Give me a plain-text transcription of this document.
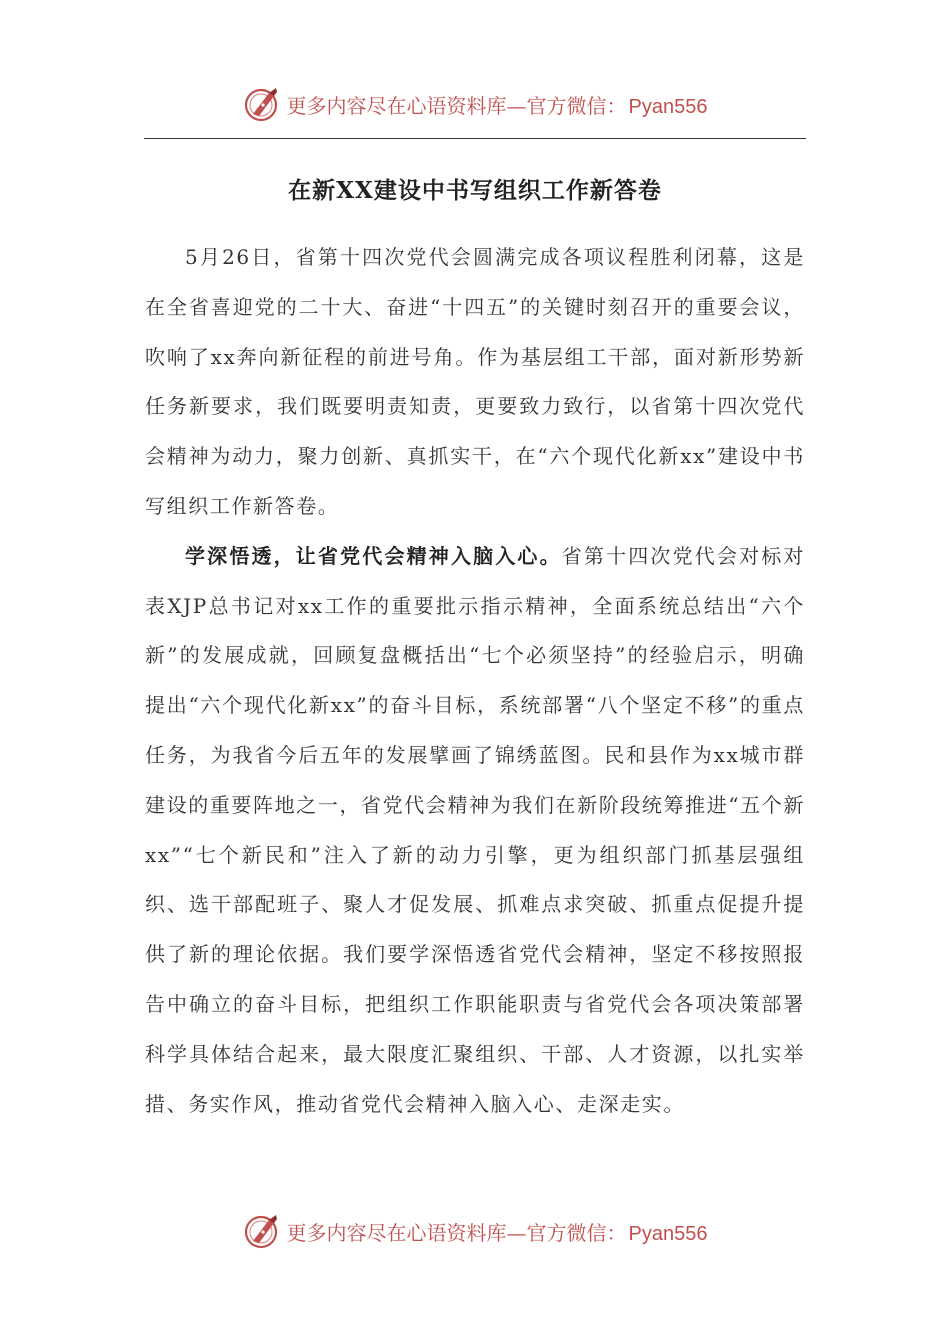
更多内容尽在心语资料库—官方微信： Pyan556
在新XX建设中书写组织工作新答卷

5月26日，省第十四次党代会圆满完成各项议程胜利闭幕，这是在全省喜迎党的二十大、奋进“十四五”的关键时刻召开的重要会议，吹响了xx奔向新征程的前进号角。作为基层组工干部，面对新形势新任务新要求，我们既要明责知责，更要致力致行，以省第十四次党代会精神为动力，聚力创新、真抓实干，在“六个现代化新xx”建设中书写组织工作新答卷。

学深悟透，让省党代会精神入脑入心。省第十四次党代会对标对表XJP总书记对xx工作的重要批示指示精神，全面系统总结出“六个新”的发展成就，回顾复盘概括出“七个必须坚持”的经验启示，明确提出“六个现代化新xx”的奋斗目标，系统部署“八个坚定不移”的重点任务，为我省今后五年的发展擘画了锦绣蓝图。民和县作为xx城市群建设的重要阵地之一，省党代会精神为我们在新阶段统筹推进“五个新xx”“七个新民和”注入了新的动力引擎，更为组织部门抓基层强组织、选干部配班子、聚人才促发展、抓难点求突破、抓重点促提升提供了新的理论依据。我们要学深悟透省党代会精神，坚定不移按照报告中确立的奋斗目标，把组织工作职能职责与省党代会各项决策部署科学具体结合起来，最大限度汇聚组织、干部、人才资源，以扎实举措、务实作风，推动省党代会精神入脑入心、走深走实。

更多内容尽在心语资料库—官方微信： Pyan556
